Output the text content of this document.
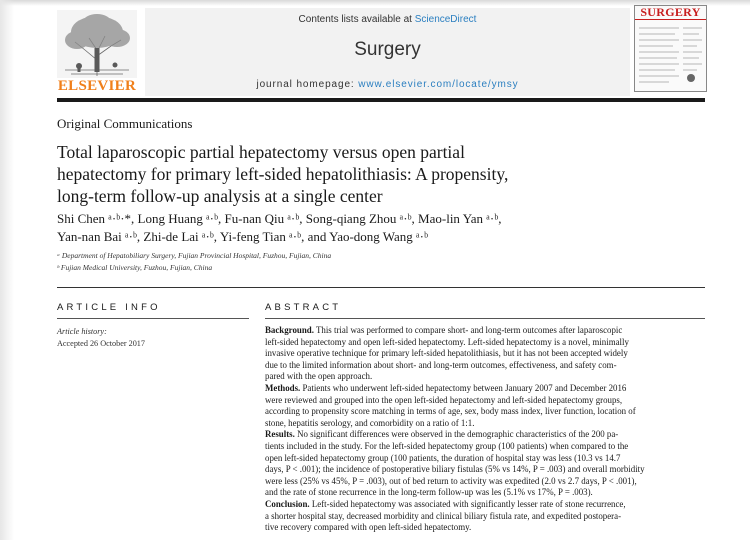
ELSEVIER
Contents lists available at ScienceDirect
Surgery
journal homepage: www.elsevier.com/locate/ymsy
SURGERY
Original Communications
Total laparoscopic partial hepatectomy versus open partial
hepatectomy for primary left-sided hepatolithiasis: A propensity,
long-term follow-up analysis at a single center
Shi Chen ᵃ·ᵇ·*, Long Huang ᵃ·ᵇ, Fu-nan Qiu ᵃ·ᵇ, Song-qiang Zhou ᵃ·ᵇ, Mao-lin Yan ᵃ·ᵇ,
Yan-nan Bai ᵃ·ᵇ, Zhi-de Lai ᵃ·ᵇ, Yi-feng Tian ᵃ·ᵇ, and Yao-dong Wang ᵃ·ᵇ
ᵃ Department of Hepatobiliary Surgery, Fujian Provincial Hospital, Fuzhou, Fujian, China
ᵇ Fujian Medical University, Fuzhou, Fujian, China
ARTICLE INFO	ABSTRACT
Article history:
Accepted 26 October 2017
Background. This trial was performed to compare short- and long-term outcomes after laparoscopic
left-sided hepatectomy and open left-sided hepatectomy. Left-sided hepatectomy is a novel, minimally
invasive operative technique for primary left-sided hepatolithiasis, but it has not been accepted widely
due to the limited information about short- and long-term outcomes, effectiveness, and safety com-
pared with the open approach.
Methods. Patients who underwent left-sided hepatectomy between January 2007 and December 2016
were reviewed and grouped into the open left-sided hepatectomy and left-sided hepatectomy groups,
according to propensity score matching in terms of age, sex, body mass index, liver function, location of
stone, hepatitis serology, and comorbidity on a ratio of 1:1.
Results. No significant differences were observed in the demographic characteristics of the 200 pa-
tients included in the study. For the left-sided hepatectomy group (100 patients) when compared to the
open left-sided hepatectomy group (100 patients, the duration of hospital stay was less (10.3 vs 14.7
days, P < .001); the incidence of postoperative biliary fistulas (5% vs 14%, P = .003) and overall morbidity
were less (25% vs 45%, P = .003), out of bed return to activity was expedited (2.0 vs 2.7 days, P < .001),
and the rate of stone recurrence in the long-term follow-up was les (5.1% vs 17%, P = .003).
Conclusion. Left-sided hepatectomy was associated with significantly lesser rate of stone recurrence,
a shorter hospital stay, decreased morbidity and clinical biliary fistula rate, and expedited postopera-
tive recovery compared with open left-sided hepatectomy.
